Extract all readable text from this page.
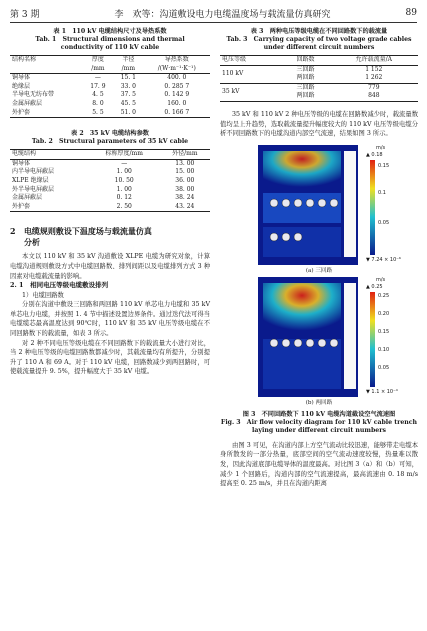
第 3 期	李　欢等：沟道敷设电力电缆温度场与载流量仿真研究	89
表 1　110 kV 电缆结构尺寸及导热系数
Tab. 1　Structural dimensions and thermal conductivity of 110 kV cable
结构名称	厚度	半径	导热系数
	/mm	/mm	/(W·m⁻¹·K⁻¹)
铜导体	—	15. 1	400. 0
绝缘层	17. 9	33. 0	0. 285 7
半导电无纺布带	4. 5	37. 5	0. 142 9
金属屏蔽层	8. 0	45. 5	160. 0
外护套	5. 5	51. 0	0. 166 7
表 2　35 kV 电缆结构参数
Tab. 2　Structural parameters of 35 kV cable
电缆结构	标称厚度/mm	外径/mm
铜导体	—	13. 00
内半导电屏蔽层	1. 00	15. 00
XLPE 绝缘层	10. 50	36. 00
外半导电屏蔽层	1. 00	38. 00
金属屏蔽层	0. 12	38. 24
外护套	2. 50	43. 24
2 电缆规则敷设下温度场与载流量仿真
分析

本文以 110 kV 和 35 kV 沟道敷设 XLPE 电缆为研究对象，计算电缆沟道规则敷设方式中电缆回路数、排列间距以及电缆排列方式 3 种因素对电缆载流量的影响。

2. 1　相同电压等级电缆敷设排列
1）电缆回路数

分别在沟道中敷设三回路和两回路 110 kV 单芯电力电缆和 35 kV 单芯电力电缆，并按照 1. 4 节中描述设置边界条件。通过迭代法可得当电缆缆芯最高温度达到 90℃时，110 kV 和 35 kV 电压等级电缆在不同回路数下的载流量，如表 3 所示。

对 2 种不同电压等级电缆在不同回路数下的载流量大小进行对比，当 2 种电压等级的电缆回路数都减少时，其载流量均有所提升，分别提升了 110 A 和 69 A。对于 110 kV 电缆，回路数减少到两回路时，可使载流量提升 9. 5%，提升幅度大于 35 kV 电缆。

表 3　两种电压等级电缆在不同回路数下的载流量
Tab. 3　Carrying capacity of two voltage grade cables
under different circuit numbers
电压等级	回路数	允许载流量/A
110 kV	三回路	1 152
	两回路	1 262
35 kV	三回路	779
	两回路	848

35 kV 和 110 kV 2 种电压等级的电缆在回路数减少时，载流量数值均呈上升趋势，选取载流量提升幅度较大的 110 kV 电压等级电缆分析不同回路数下的电缆沟道内部空气流速，结果如图 3 所示。

m/s
▲ 0.18
0.15
0.1
0.05
▼ 7.24 × 10⁻⁶
(a) 三回路
m/s
▲ 0.25
0.25
0.20
0.15
0.10
0.05
▼ 1.1 × 10⁻⁴
(b) 两回路
图 3　不同回路数下 110 kV 电缆沟道截设空气流速图
Fig. 3　Air flow velocity diagram for 110 kV cable trench
laying under different circuit numbers

由图 3 可见，在沟道内部上方空气流动比较迅速，能够带走电缆本身所散发的一部分热量，底部空间的空气流动速度较慢，热量难以散发，因此沟道底部电缆导体的温度最高。对比图 3（a）和（b）可知，减少 1 个回路后，沟道内部的空气流速提高，最高流速由 0. 18 m/s 提高至 0. 25 m/s，并且在沟道内距离
